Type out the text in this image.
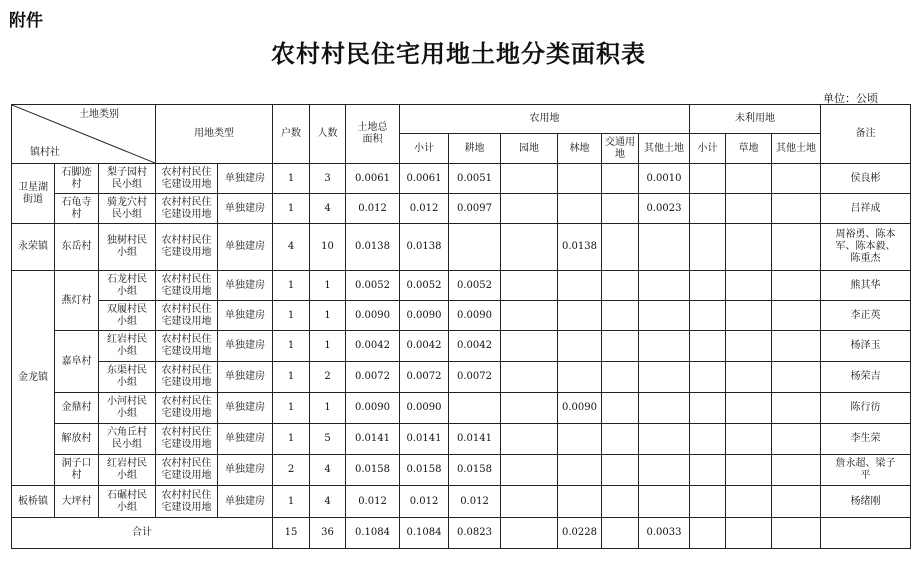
附件
农村村民住宅用地土地分类面积表
单位：公顷
土地类别
镇村社			用地类型		户数	人数	土地总面积	农用地						未利用地			备注
								小计	耕地	园地	林地	交通用地	其他土地	小计	草地	其他土地	

卫星湖街道	石脚迹村	梨子园村民小组	农村村民住宅建设用地	单独建房	1	3	0.0061	0.0061	0.0051				0.0010				侯良彬

	石龟寺村	骑龙穴村民小组	农村村民住宅建设用地	单独建房	1	4	0.012	0.012	0.0097				0.0023				吕祥成

永荣镇	东岳村	独树村民小组	农村村民住宅建设用地	单独建房	4	10	0.0138	0.0138			0.0138						周裕勇、陈本军、陈本毅、陈重杰

金龙镇	燕灯村	石龙村民小组	农村村民住宅建设用地	单独建房	1	1	0.0052	0.0052	0.0052								熊其华

		双履村民小组	农村村民住宅建设用地	单独建房	1	1	0.0090	0.0090	0.0090								李正英

	嘉阜村	红岩村民小组	农村村民住宅建设用地	单独建房	1	1	0.0042	0.0042	0.0042								杨泽玉

		东渠村民小组	农村村民住宅建设用地	单独建房	1	2	0.0072	0.0072	0.0072								杨荣吉

	金鼎村	小河村民小组	农村村民住宅建设用地	单独建房	1	1	0.0090	0.0090			0.0090						陈行彷

	解放村	六角丘村民小组	农村村民住宅建设用地	单独建房	1	5	0.0141	0.0141	0.0141								李生荣

	洞子口村	红岩村民小组	农村村民住宅建设用地	单独建房	2	4	0.0158	0.0158	0.0158								詹永超、梁子平

板桥镇	大坪村	石碾村民小组	农村村民住宅建设用地	单独建房	1	4	0.012	0.012	0.012								杨绪刚

合计					15	36	0.1084	0.1084	0.0823		0.0228		0.0033				
